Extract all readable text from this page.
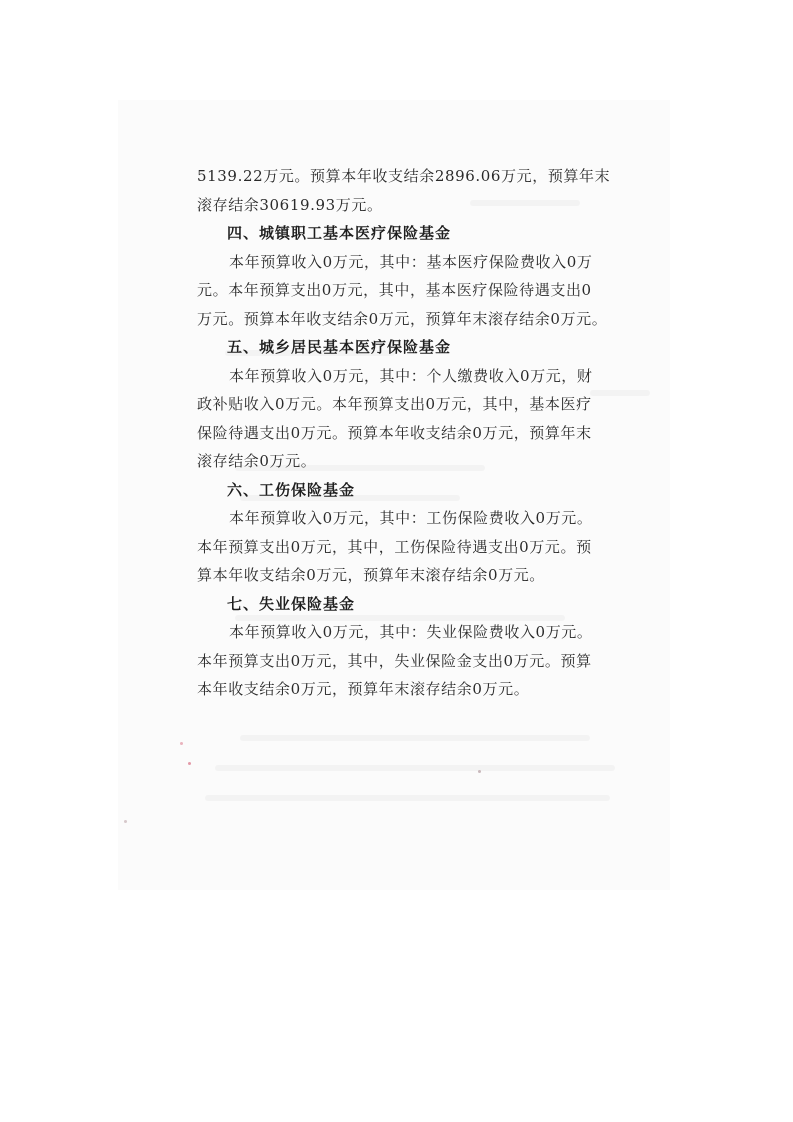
5139.22万元。预算本年收支结余2896.06万元，预算年末
滚存结余30619.93万元。
四、城镇职工基本医疗保险基金
本年预算收入0万元，其中：基本医疗保险费收入0万
元。本年预算支出0万元，其中，基本医疗保险待遇支出0
万元。预算本年收支结余0万元，预算年末滚存结余0万元。
五、城乡居民基本医疗保险基金
本年预算收入0万元，其中：个人缴费收入0万元，财
政补贴收入0万元。本年预算支出0万元，其中，基本医疗
保险待遇支出0万元。预算本年收支结余0万元，预算年末
滚存结余0万元。
六、工伤保险基金
本年预算收入0万元，其中：工伤保险费收入0万元。
本年预算支出0万元，其中，工伤保险待遇支出0万元。预
算本年收支结余0万元，预算年末滚存结余0万元。
七、失业保险基金
本年预算收入0万元，其中：失业保险费收入0万元。
本年预算支出0万元，其中，失业保险金支出0万元。预算
本年收支结余0万元，预算年末滚存结余0万元。
